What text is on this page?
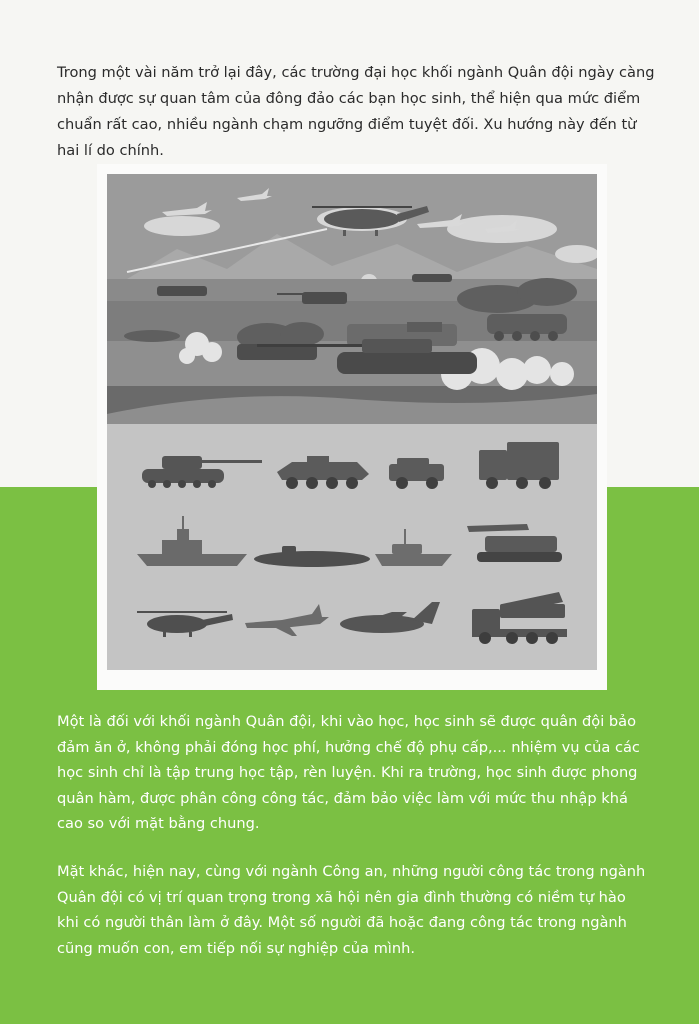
Trong một vài năm trở lại đây, các trường đại học khối ngành Quân đội ngày càng nhận được sự quan tâm của đông đảo các bạn học sinh, thể hiện qua mức điểm chuẩn rất cao, nhiều ngành chạm ngưỡng điểm tuyệt đối. Xu hướng này đến từ hai lí do chính.

Một là đối với khối ngành Quân đội, khi vào học, học sinh sẽ được quân đội bảo đảm ăn ở, không phải đóng học phí, hưởng chế độ phụ cấp,... nhiệm vụ của các học sinh chỉ là tập trung học tập, rèn luyện. Khi ra trường, học sinh được phong quân hàm, được phân công công tác, đảm bảo việc làm với mức thu nhập khá cao so với mặt bằng chung.

Mặt khác, hiện nay, cùng với ngành Công an, những người công tác trong ngành Quân đội có vị trí quan trọng trong xã hội nên gia đình thường có niềm tự hào khi có người thân làm ở đây. Một số người đã hoặc đang công tác trong ngành cũng muốn con, em tiếp nối sự nghiệp của mình.
